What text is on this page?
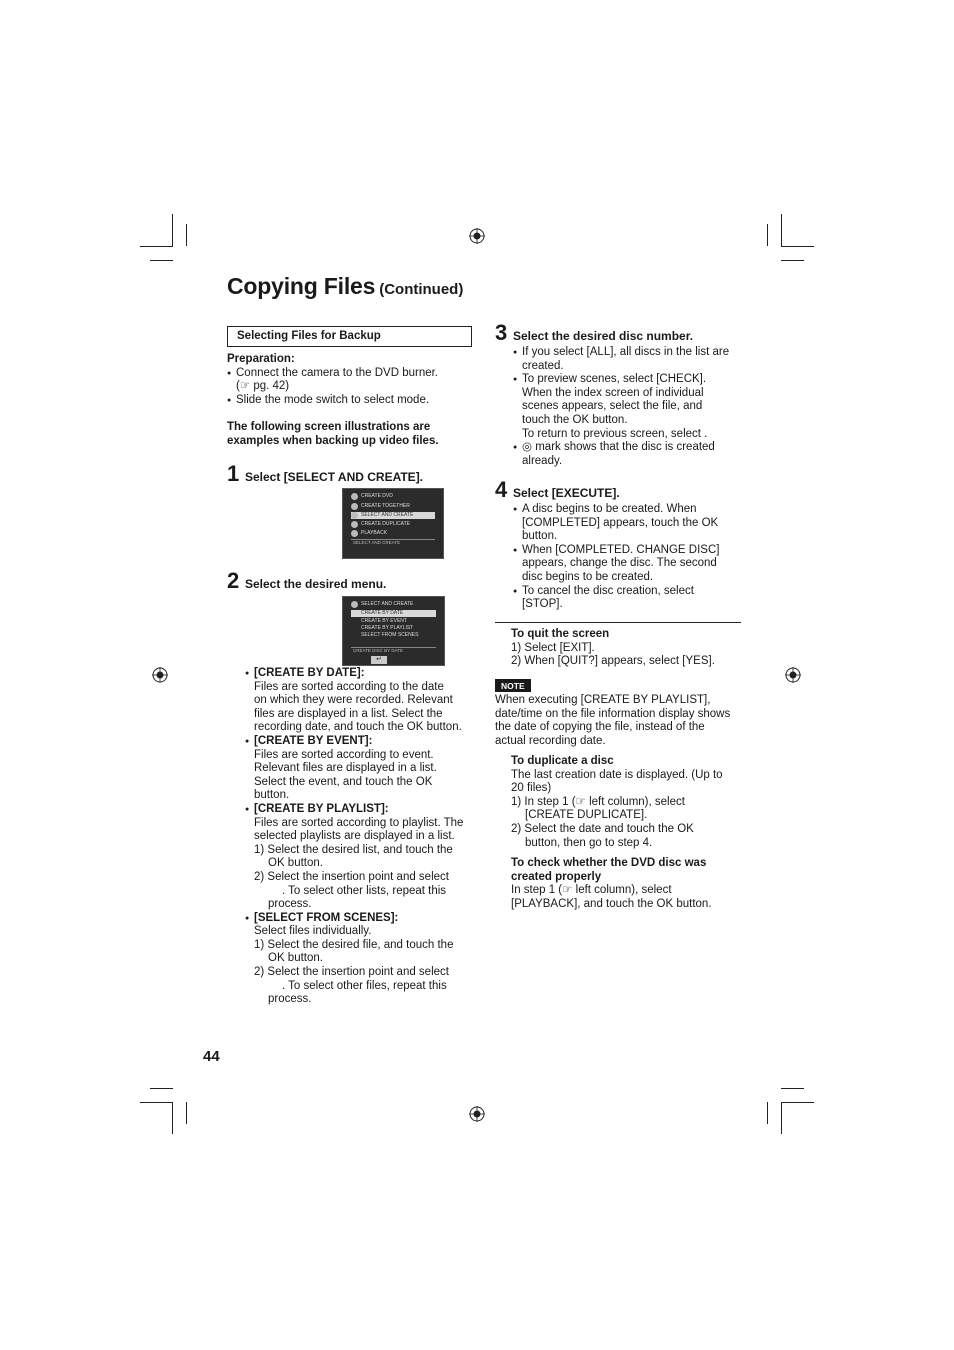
Copying Files (Continued)
Selecting Files for Backup
Preparation:
● Connect the camera to the DVD burner.
(☞ pg. 42)
● Slide the mode switch to select mode.
The following screen illustrations are
examples when backing up video files.
1 Select [SELECT AND CREATE].
CREATE DVD
CREATE TOGETHER
SELECT AND CREATE
CREATE DUPLICATE
PLAYBACK
SELECT AND CREATE
2 Select the desired menu.
SELECT AND CREATE
CREATE BY DATE
CREATE BY EVENT
CREATE BY PLAYLIST
SELECT FROM SCENES
CREATE DISC BY DATE
↵
● [CREATE BY DATE]:
Files are sorted according to the date
on which they were recorded. Relevant
files are displayed in a list. Select the
recording date, and touch the OK button.
● [CREATE BY EVENT]:
Files are sorted according to event.
Relevant files are displayed in a list.
Select the event, and touch the OK
button.
● [CREATE BY PLAYLIST]:
Files are sorted according to playlist. The
selected playlists are displayed in a list.
1) Select the desired list, and touch the
OK button.
2) Select the insertion point and select
. To select other lists, repeat this
process.
● [SELECT FROM SCENES]:
Select files individually.
1) Select the desired file, and touch the
OK button.
2) Select the insertion point and select
. To select other files, repeat this
process.
3 Select the desired disc number.
● If you select [ALL], all discs in the list are
created.
● To preview scenes, select [CHECK].
When the index screen of individual
scenes appears, select the file, and
touch the OK button.
To return to previous screen, select .
● ◎ mark shows that the disc is created
already.
4 Select [EXECUTE].
● A disc begins to be created. When
[COMPLETED] appears, touch the OK
button.
● When [COMPLETED. CHANGE DISC]
appears, change the disc. The second
disc begins to be created.
● To cancel the disc creation, select
[STOP].
To quit the screen
1) Select [EXIT].
2) When [QUIT?] appears, select [YES].
NOTE
When executing [CREATE BY PLAYLIST],
date/time on the file information display shows
the date of copying the file, instead of the
actual recording date.
To duplicate a disc
The last creation date is displayed. (Up to
20 files)
1) In step 1 (☞ left column), select
[CREATE DUPLICATE].
2) Select the date and touch the OK
button, then go to step 4.
To check whether the DVD disc was
created properly
In step 1 (☞ left column), select
[PLAYBACK], and touch the OK button.
44
